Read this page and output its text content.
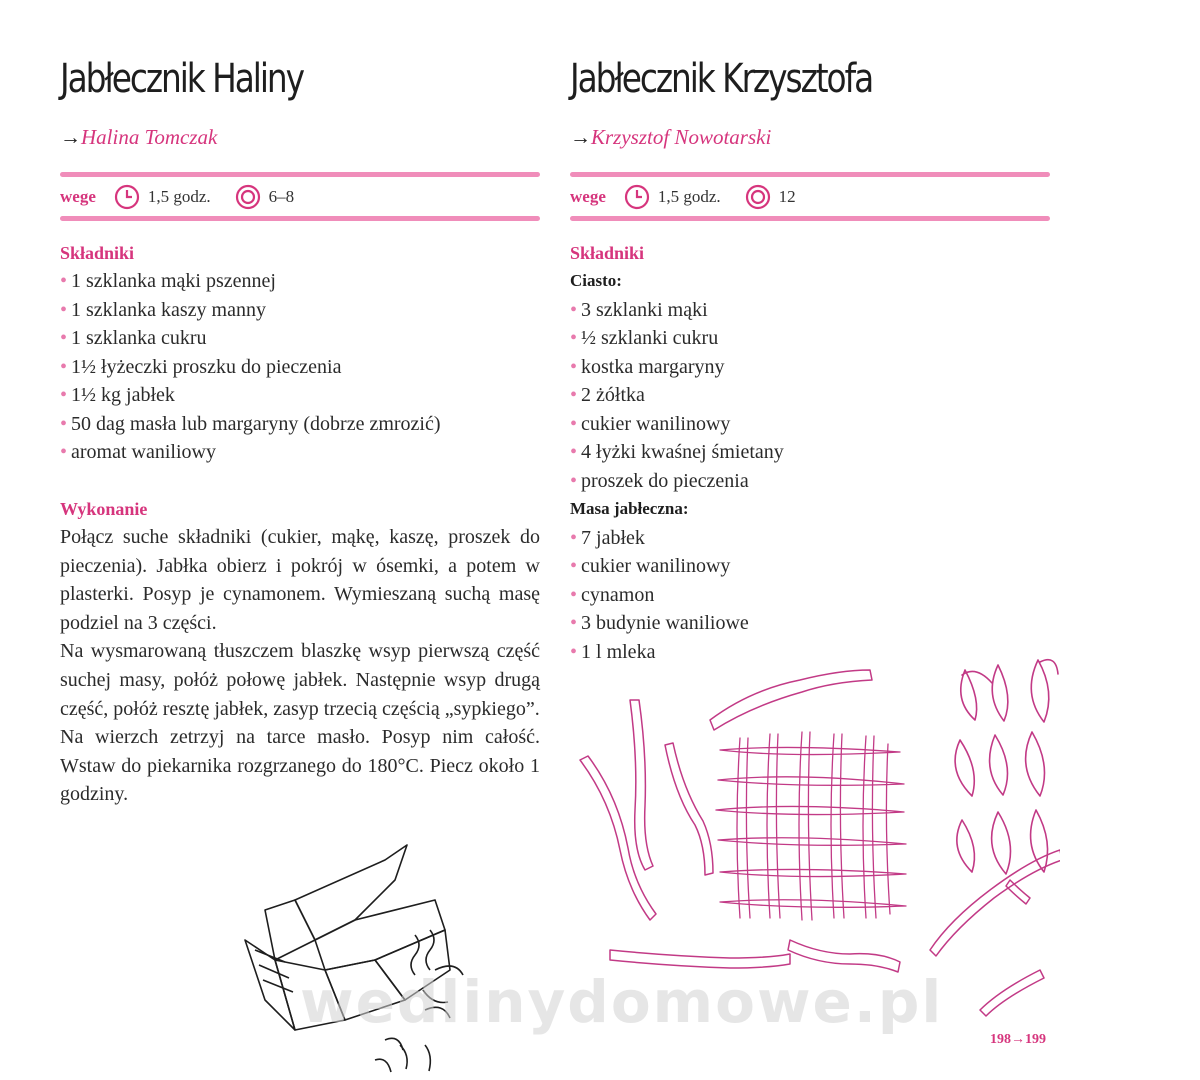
Jabłecznik Haliny
→Halina Tomczak
wege	1,5 godz.	6–8
Składniki
• 1 szklanka mąki pszennej
• 1 szklanka kaszy manny
• 1 szklanka cukru
• 1½ łyżeczki proszku do pieczenia
• 1½ kg jabłek
• 50 dag masła lub margaryny (dobrze zmrozić)
• aromat waniliowy
Wykonanie

Połącz suche składniki (cukier, mąkę, kaszę, proszek do pieczenia). Jabłka obierz i pokrój w ósemki, a potem w plasterki. Posyp je cynamonem. Wymieszaną suchą masę podziel na 3 części.

Na wysmarowaną tłuszczem blaszkę wsyp pierwszą część suchej masy, połóż połowę jabłek. Następnie wsyp drugą część, połóż resztę jabłek, zasyp trzecią częścią „sypkiego”.

Na wierzch zetrzyj na tarce masło. Posyp nim całość. Wstaw do piekarnika rozgrzanego do 180°C. Piecz około 1 godziny.

Jabłecznik Krzysztofa
→Krzysztof Nowotarski
wege	1,5 godz.	12
Składniki
Ciasto:
• 3 szklanki mąki
• ½ szklanki cukru
• kostka margaryny
• 2 żółtka
• cukier wanilinowy
• 4 łyżki kwaśnej śmietany
• proszek do pieczenia
Masa jabłeczna:
• 7 jabłek
• cukier wanilinowy
• cynamon
• 3 budynie waniliowe
• 1 l mleka
wedlinydomowe.pl
198→199
